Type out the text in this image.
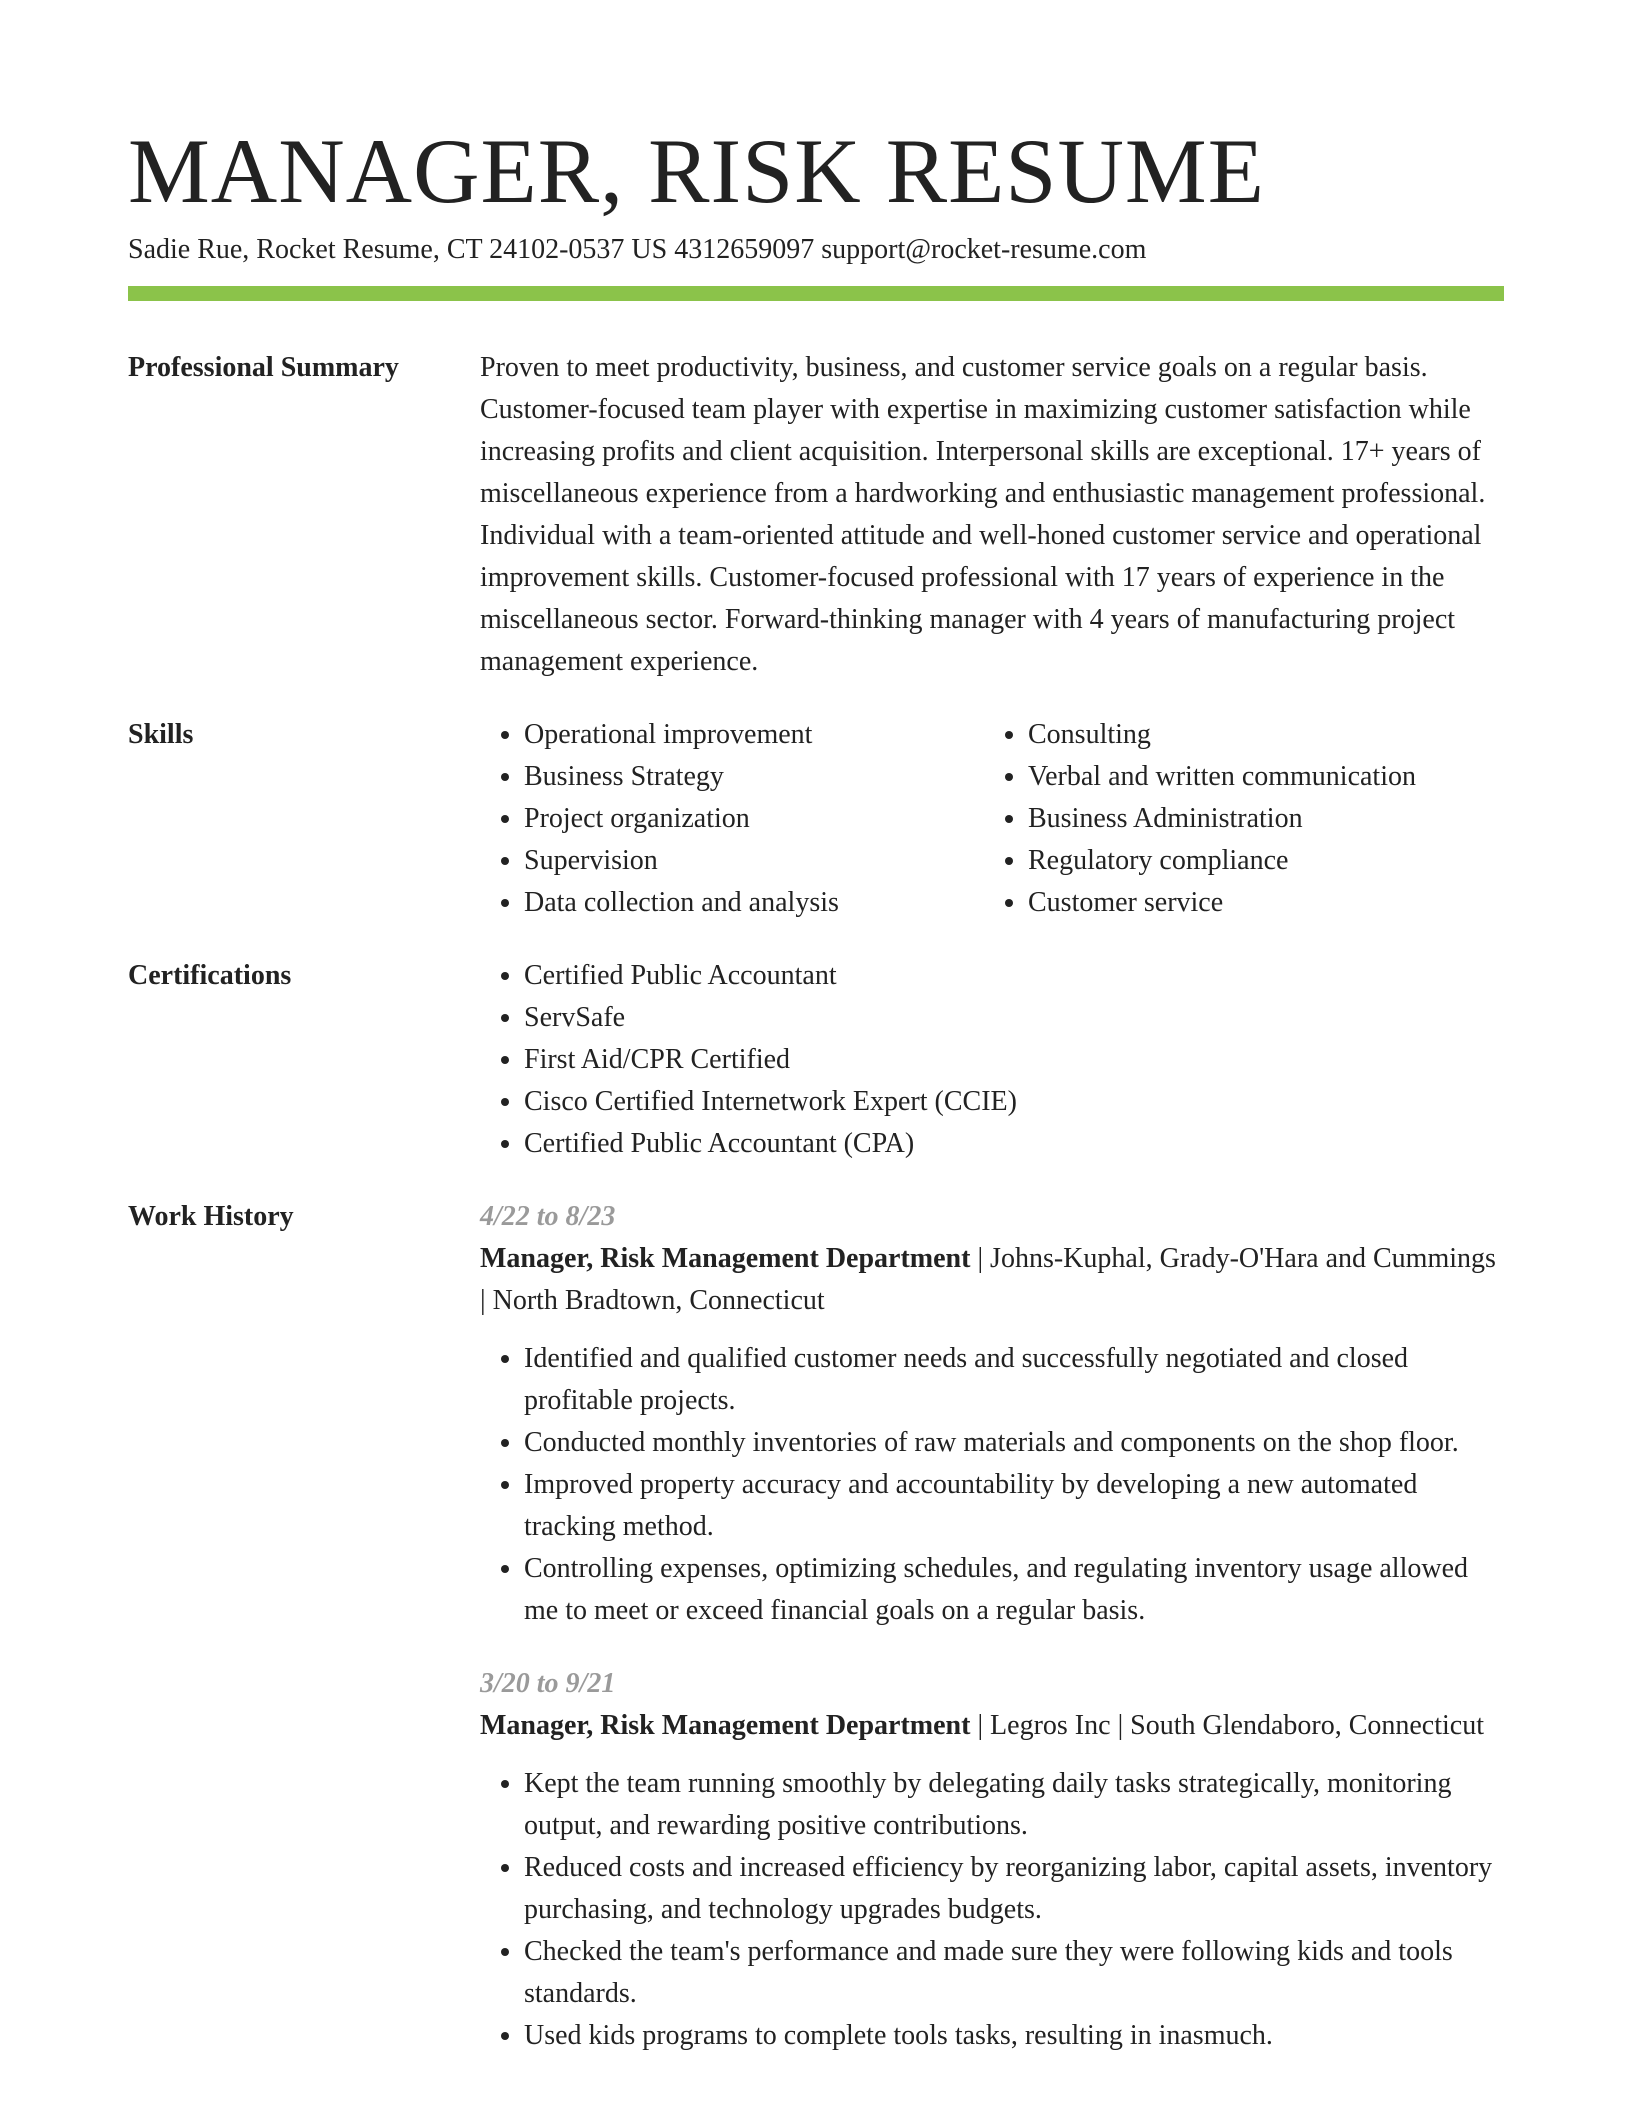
MANAGER, RISK RESUME
Sadie Rue, Rocket Resume, CT 24102-0537 US 4312659097 support@rocket-resume.com
Professional Summary	Proven to meet productivity, business, and customer service goals on a regular basis. Customer-focused team player with expertise in maximizing customer satisfaction while increasing profits and client acquisition. Interpersonal skills are exceptional. 17+ years of miscellaneous experience from a hardworking and enthusiastic management professional. Individual with a team-oriented attitude and well-honed customer service and operational improvement skills. Customer-focused professional with 17 years of experience in the miscellaneous sector. Forward-thinking manager with 4 years of manufacturing project management experience.

Skills	• Operational improvement
• Business Strategy
• Project organization
• Supervision
• Data collection and analysis
• Consulting
• Verbal and written communication
• Business Administration
• Regulatory compliance
• Customer service
Certifications	• Certified Public Accountant
• ServSafe
• First Aid/CPR Certified
• Cisco Certified Internetwork Expert (CCIE)
• Certified Public Accountant (CPA)
Work History	4/22 to 8/23
Manager, Risk Management Department | Johns-Kuphal, Grady-O'Hara and Cummings | North Bradtown, Connecticut
• Identified and qualified customer needs and successfully negotiated and closed profitable projects.
• Conducted monthly inventories of raw materials and components on the shop floor.
• Improved property accuracy and accountability by developing a new automated tracking method.
• Controlling expenses, optimizing schedules, and regulating inventory usage allowed me to meet or exceed financial goals on a regular basis.
3/20 to 9/21
Manager, Risk Management Department | Legros Inc | South Glendaboro, Connecticut
• Kept the team running smoothly by delegating daily tasks strategically, monitoring output, and rewarding positive contributions.
• Reduced costs and increased efficiency by reorganizing labor, capital assets, inventory purchasing, and technology upgrades budgets.
• Checked the team's performance and made sure they were following kids and tools standards.
• Used kids programs to complete tools tasks, resulting in inasmuch.
